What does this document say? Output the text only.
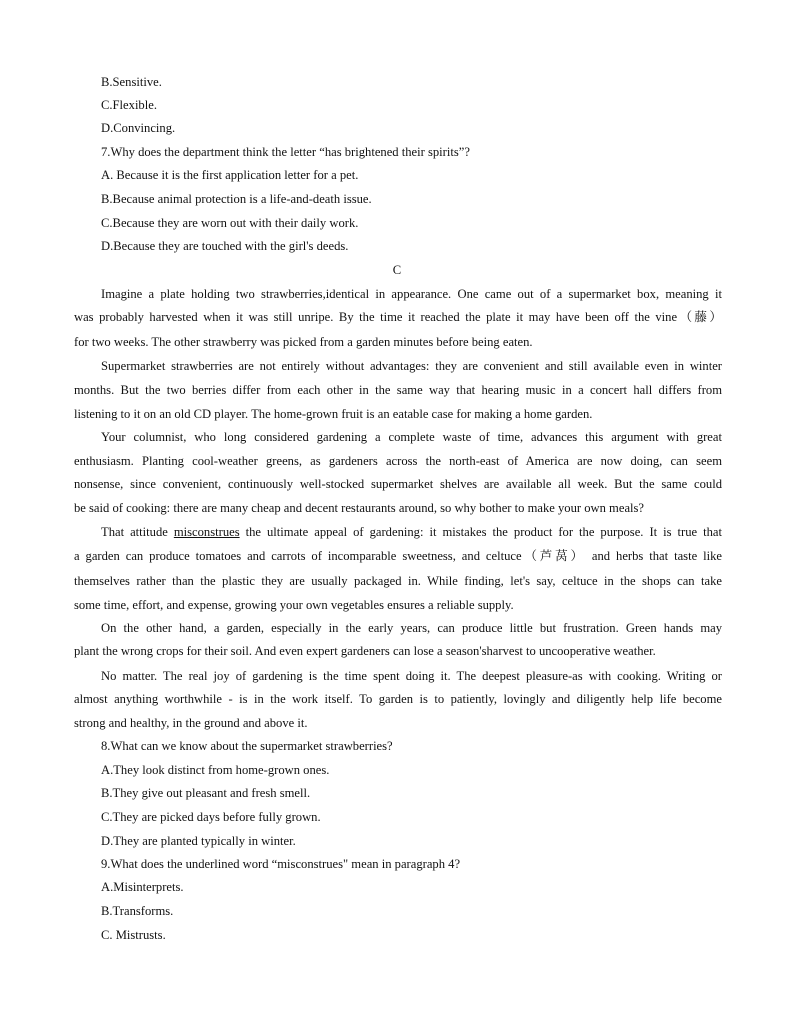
B.Sensitive.
C.Flexible.
D.Convincing.
7.Why does the department think the letter “has brightened their spirits”?
A. Because it is the first application letter for a pet.
B.Because animal protection is a life-and-death issue.
C.Because they are worn out with their daily work.
D.Because they are touched with the girl's deeds.
C
Imagine a plate holding two strawberries,identical in appearance. One came out of a supermarket box, meaning it
was probably harvested when it was still unripe. By the time it reached the plate it may have been off the vine（藤）
for two weeks. The other strawberry was picked from a garden minutes before being eaten.
Supermarket strawberries are not entirely without advantages: they are convenient and still available even in winter
months. But the two berries differ from each other in the same way that hearing music in a concert hall differs from
listening to it on an old CD player. The home-grown fruit is an eatable case for making a home garden.
Your columnist, who long considered gardening a complete waste of time, advances this argument with great
enthusiasm. Planting cool-weather greens, as gardeners across the north-east of America are now doing, can seem
nonsense, since convenient, continuously well-stocked supermarket shelves are available all week. But the same could
be said of cooking: there are many cheap and decent restaurants around, so why bother to make your own meals?
That attitude misconstrues the ultimate appeal of gardening: it mistakes the product for the purpose. It is true that
a garden can produce tomatoes and carrots of incomparable sweetness, and celtuce（芦莴） and herbs that taste like
themselves rather than the plastic they are usually packaged in. While finding, let's say, celtuce in the shops can take
some time, effort, and expense, growing your own vegetables ensures a reliable supply.
On the other hand, a garden, especially in the early years, can produce little but frustration. Green hands may
plant the wrong crops for their soil. And even expert gardeners can lose a season'sharvest to uncooperative weather.
No matter. The real joy of gardening is the time spent doing it. The deepest pleasure-as with cooking. Writing or
almost anything worthwhile - is in the work itself. To garden is to patiently, lovingly and diligently help life become
strong and healthy, in the ground and above it.
8.What can we know about the supermarket strawberries?
A.They look distinct from home-grown ones.
B.They give out pleasant and fresh smell.
C.They are picked days before fully grown.
D.They are planted typically in winter.
9.What does the underlined word “misconstrues" mean in paragraph 4?
A.Misinterprets.
B.Transforms.
C. Mistrusts.
